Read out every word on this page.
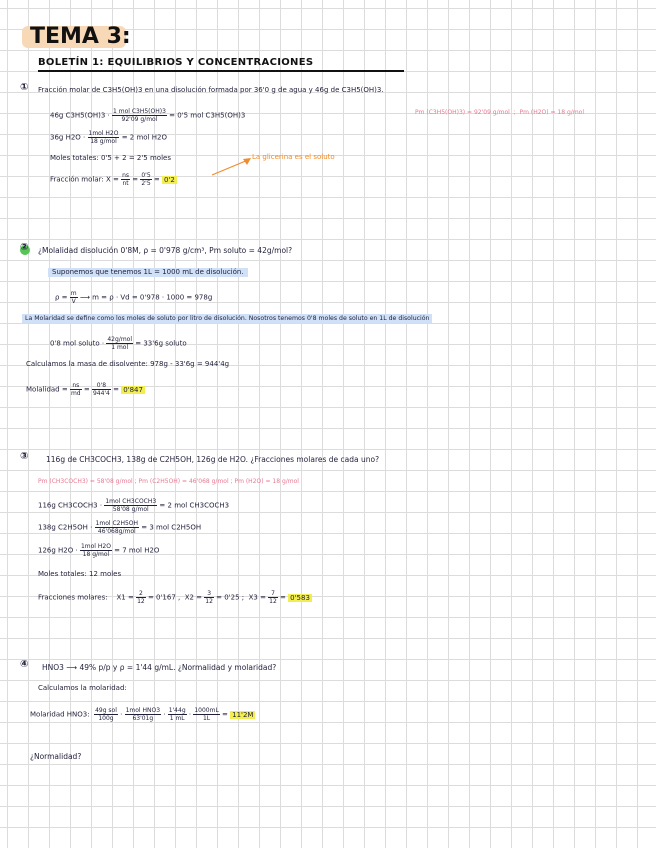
TEMA 3:
BOLETÍN 1: EQUILIBRIOS Y CONCENTRACIONES
① Fracción molar de C3H5(OH)3 en una disolución formada por 36'0 g de agua y 46g de C3H5(OH)3.
46g $C3H5(OH)3 \cdot \frac{\text{1 mol C3H5(OH)3}}{\text{92'09 g/mol}} = 0'5$ mol C3H5(OH)3	Pm (C3H5(OH)3) = 92'09 g/mol ; Pm (H2O) = 18 g/mol
36g $H2O \cdot \frac{\text{1mol H2O}}{\text{18 g/mol}} = 2$ mol H2O
Moles totales: 0'5 + 2 = 2'5 moles	La glicerina es el soluto
Fracción molar: $X = \frac{ns}{nt} = \frac{0'5}{2'5} = 0'2$
② ¿Molalidad disolución 0'8M, ρ = 0'978 g/cm³, Pm soluto = 42g/mol?
Suponemos que tenemos 1L = 1000 mL de disolución.
$\rho = \frac{m}{V}$ ⟶ m = ρ · Vd = 0'978 · 1000 = 978g
La Molaridad se define como los moles de soluto por litro de disolución. Nosotros tenemos 0'8 moles de soluto en 1L de disolución
0'8 mol soluto · $\frac{\text{42g/mol}}{\text{1 mol}} = 33'6g$ soluto
Calculamos la masa de disolvente: 978g - 33'6g = 944'4g
Molalidad = $\frac{ns}{md} = \frac{0'8}{944'4} = 0'847$
③ 116g de CH3COCH3, 138g de C2H5OH, 126g de H2O. ¿Fracciones molares de cada uno?
Pm (CH3COCH3) = 58'08 g/mol ; Pm (C2H5OH) = 46'068 g/mol ; Pm (H2O) = 18 g/mol
116g CH3COCH3 · $\frac{\text{1mol CH3COCH3}}{\text{58'08 g/mol}} = 2$ mol CH3COCH3
138g $C2H5OH \cdot \frac{\text{1mol C2H5OH}}{\text{46'068g/mol}} = 3$ mol C2H5OH
126g $H2O \cdot \frac{\text{1mol H2O}}{\text{18 g/mol}} = 7$ mol H2O
Moles totales: 12 moles
Fracciones molares: $X1 = \frac{2}{12} = 0'167$ , $X2 = \frac{3}{12} = 0'25$ ; $X3 = \frac{7}{12} = 0'583$
④ HNO3 ⟶ 49% p/p y ρ = 1'44 g/mL. ¿Normalidad y molaridad?
Calculamos la molaridad:
Molaridad HNO3: $\frac{\text{49g sol}}{100g} \cdot \frac{\text{1mol HNO3}}{63'01g} \cdot \frac{1'44g}{1 mL} \cdot \frac{1000mL}{1L} = 11'2M$
¿Normalidad?
